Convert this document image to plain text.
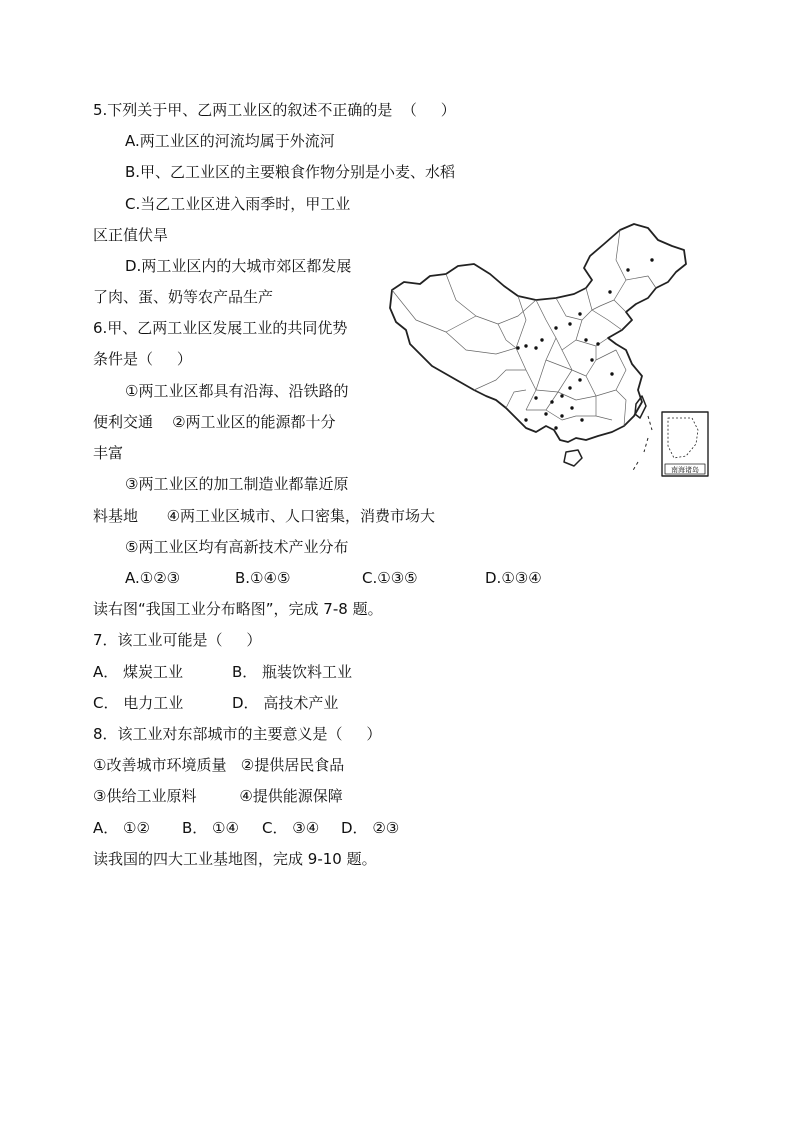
5.下列关于甲、乙两工业区的叙述不正确的是  （     ）
A.两工业区的河流均属于外流河
B.甲、乙工业区的主要粮食作物分别是小麦、水稻
C.当乙工业区进入雨季时，甲工业
区正值伏旱
D.两工业区内的大城市郊区都发展
了肉、蛋、奶等农产品生产
6.甲、乙两工业区发展工业的共同优势
条件是（     ）
①两工业区都具有沿海、沿铁路的
便利交通    ②两工业区的能源都十分
丰富
③两工业区的加工制造业都靠近原
料基地      ④两工业区城市、人口密集，消费市场大
⑤两工业区均有高新技术产业分布
A.①②③	B.①④⑤	C.①③⑤	D.①③④
读右图“我国工业分布略图”，完成 7-8 题。
7．该工业可能是（     ）
A． 煤炭工业	B． 瓶装饮料工业
C． 电力工业	D． 高技术产业
8．该工业对东部城市的主要意义是（     ）
①改善城市环境质量   ②提供居民食品
③供给工业原料         ④提供能源保障
A． ①② B． ①④ C． ③④ D． ②③
读我国的四大工业基地图，完成 9-10 题。
南海诸岛
